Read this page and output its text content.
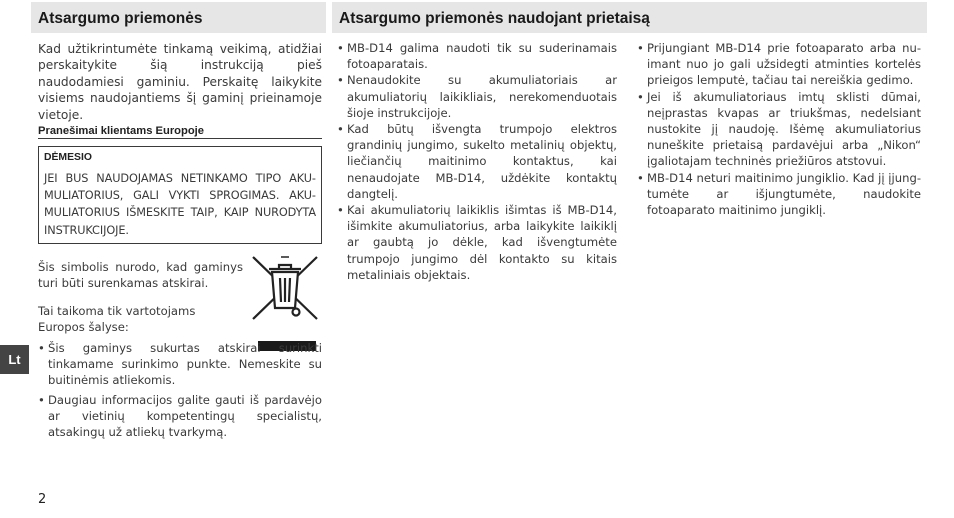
Atsargumo priemonės	Atsargumo priemonės naudojant prietaisą

Kad užtikrintumėte tinkamą veikimą, atidžiai perskaitykite šią instrukciją pieš naudodamiesi gaminiu. Perskaitę laikykite visiems naudojantiems šį gaminį prieinamoje vietoje.

Pranešimai klientams Europoje
DĖMESIO
JEI BUS NAUDOJAMAS NETINKAMO TIPO AKUMULIATORIUS, GALI VYKTI SPROGIMAS. AKUMULIATORIUS IŠMESKITE TAIP, KAIP NURODYTA INSTRUKCIJOJE.

Šis simbolis nurodo, kad gaminys turi būti surenkamas atskirai.

Tai taikoma tik vartotojams Europos šalyse:

• Šis gaminys sukurtas atskirai surinkti tinkamame surinkimo punkte. Nemeskite su buitinėmis atliekomis.
• Daugiau informacijos galite gauti iš pardavėjo ar vietinių kompetentingų specialistų, atsakingų už atliekų tvarkymą.
• MB-D14 galima naudoti tik su suderinamais fotoaparatais.
• Nenaudokite su akumuliatoriais ar akumuliatorių laikikliais, nerekomenduotais šioje instrukcijoje.
• Kad būtų išvengta trumpojo elektros grandinių jungimo, sukelto metalinių objektų, liečiančių maitinimo kontaktus, kai nenaudojate MB-D14, uždėkite kontaktų dangtelį.
• Kai akumuliatorių laikiklis išimtas iš MB-D14, išimkite akumuliatorius, arba laikykite laikiklį ar gaubtą jo dėkle, kad išvengtumėte trumpojo jungimo dėl kontakto su kitais metaliniais objektais.
• Prijungiant MB-D14 prie fotoaparato arba nuimant nuo jo gali užsidegti atminties kortelės prieigos lemputė, tačiau tai nereiškia gedimo.
• Jei iš akumuliatoriaus imtų sklisti dūmai, neįprastas kvapas ar triukšmas, nedelsiant nustokite jį naudoję. Išėmę akumuliatorius nuneškite prietaisą pardavėjui arba „Nikon“ įgaliotajam techninės priežiūros atstovui.
• MB-D14 neturi maitinimo jungiklio. Kad jį įjungtumėte ar išjungtumėte, naudokite fotoaparato maitinimo jungiklį.
Lt
2
